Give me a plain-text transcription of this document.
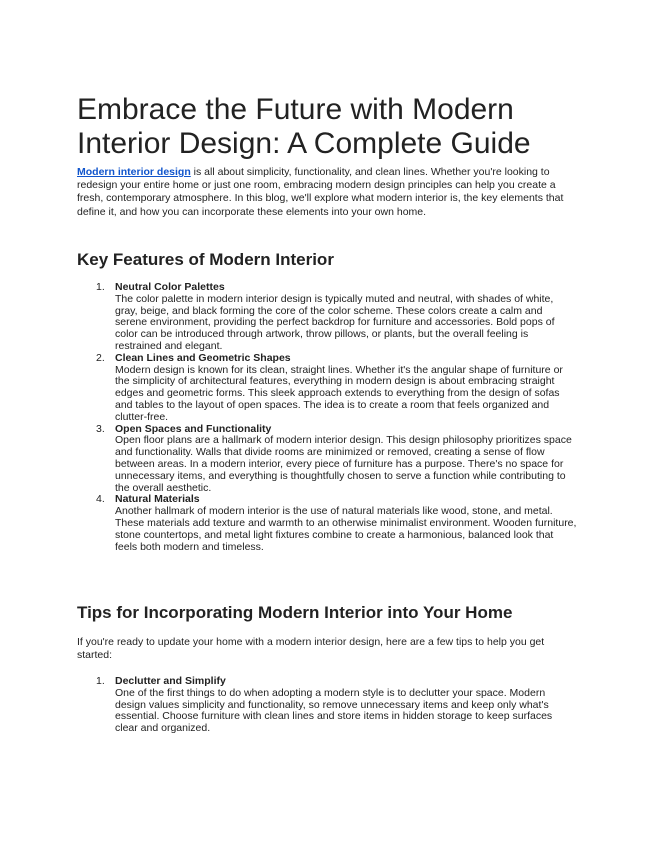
Embrace the Future with Modern Interior Design: A Complete Guide

Modern interior design is all about simplicity, functionality, and clean lines. Whether you're looking to redesign your entire home or just one room, embracing modern design principles can help you create a fresh, contemporary atmosphere. In this blog, we'll explore what modern interior is, the key elements that define it, and how you can incorporate these elements into your own home.

Key Features of Modern Interior
1. Neutral Color Palettes
The color palette in modern interior design is typically muted and neutral, with shades of white, gray, beige, and black forming the core of the color scheme. These colors create a calm and serene environment, providing the perfect backdrop for furniture and accessories. Bold pops of color can be introduced through artwork, throw pillows, or plants, but the overall feeling is restrained and elegant.
2. Clean Lines and Geometric Shapes
Modern design is known for its clean, straight lines. Whether it's the angular shape of furniture or the simplicity of architectural features, everything in modern design is about embracing straight edges and geometric forms. This sleek approach extends to everything from the design of sofas and tables to the layout of open spaces. The idea is to create a room that feels organized and clutter-free.
3. Open Spaces and Functionality
Open floor plans are a hallmark of modern interior design. This design philosophy prioritizes space and functionality. Walls that divide rooms are minimized or removed, creating a sense of flow between areas. In a modern interior, every piece of furniture has a purpose. There's no space for unnecessary items, and everything is thoughtfully chosen to serve a function while contributing to the overall aesthetic.
4. Natural Materials
Another hallmark of modern interior is the use of natural materials like wood, stone, and metal. These materials add texture and warmth to an otherwise minimalist environment. Wooden furniture, stone countertops, and metal light fixtures combine to create a harmonious, balanced look that feels both modern and timeless.
Tips for Incorporating Modern Interior into Your Home

If you're ready to update your home with a modern interior design, here are a few tips to help you get started:

1. Declutter and Simplify
One of the first things to do when adopting a modern style is to declutter your space. Modern design values simplicity and functionality, so remove unnecessary items and keep only what's essential. Choose furniture with clean lines and store items in hidden storage to keep surfaces clear and organized.
